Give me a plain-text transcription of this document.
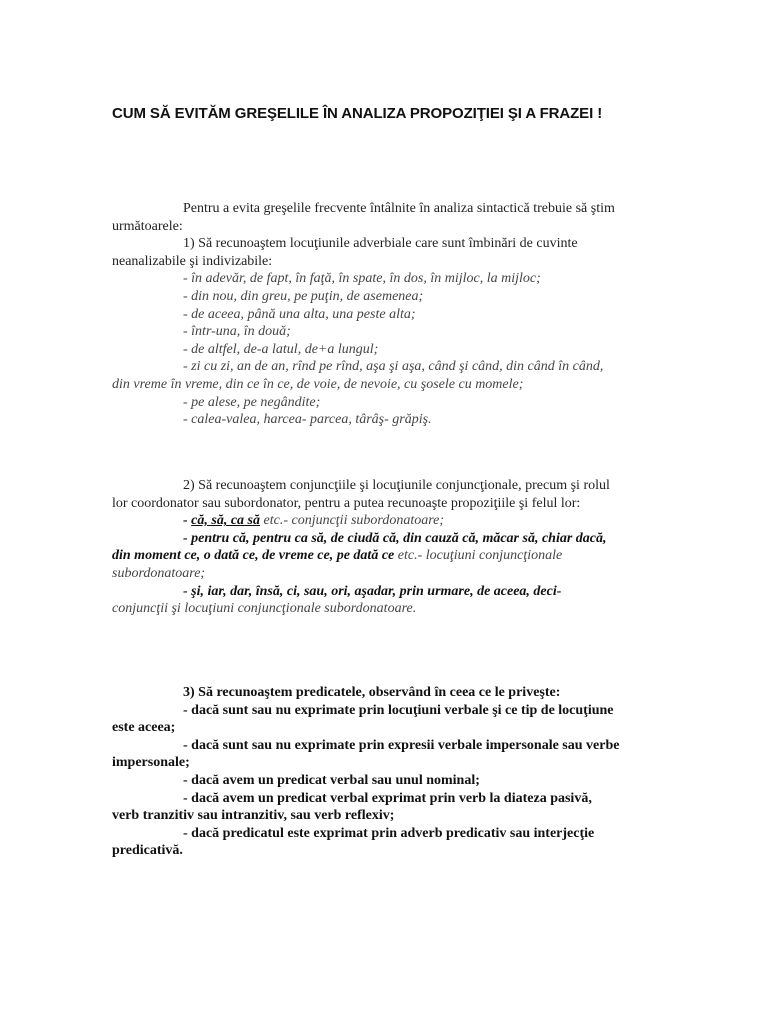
CUM SĂ EVITĂM GREŞELILE ÎN ANALIZA PROPOZIŢIEI ŞI A FRAZEI !
Pentru a evita greşelile frecvente întâlnite în analiza sintactică trebuie să ştim
următoarele:
1) Să recunoaştem locuţiunile adverbiale care sunt îmbinări de cuvinte
neanalizabile şi indivizabile:
- în adevăr, de fapt, în faţă, în spate, în dos, în mijloc, la mijloc;
- din nou, din greu, pe puţin, de asemenea;
- de aceea, până una alta, una peste alta;
- într-una, în două;
- de altfel, de-a latul, de+a lungul;
- zi cu zi, an de an, rînd pe rînd, aşa şi aşa, când şi când, din când în când,
din vreme în vreme, din ce în ce, de voie, de nevoie, cu şosele cu momele;
- pe alese, pe negândite;
- calea-valea, harcea- parcea, târâş- grăpiş.
2) Să recunoaştem conjuncţiile şi locuţiunile conjuncţionale, precum şi rolul
lor coordonator sau subordonator, pentru a putea recunoaşte propoziţiile şi felul lor:
- că, să, ca să etc.- conjuncţii subordonatoare;
- pentru că, pentru ca să, de ciudă că, din cauză că, măcar să, chiar dacă,
din moment ce, o dată ce, de vreme ce, pe dată ce etc.- locuţiuni conjuncţionale
subordonatoare;
- şi, iar, dar, însă, ci, sau, ori, aşadar, prin urmare, de aceea, deci-
conjuncţii şi locuţiuni conjuncţionale subordonatoare.
3) Să recunoaştem predicatele, observând în ceea ce le priveşte:
- dacă sunt sau nu exprimate prin locuţiuni verbale şi ce tip de locuţiune
este aceea;
- dacă sunt sau nu exprimate prin expresii verbale impersonale sau verbe
impersonale;
- dacă avem un predicat verbal sau unul nominal;
- dacă avem un predicat verbal exprimat prin verb la diateza pasivă,
verb tranzitiv sau intranzitiv, sau verb reflexiv;
- dacă predicatul este exprimat prin adverb predicativ sau interjecţie
predicativă.
